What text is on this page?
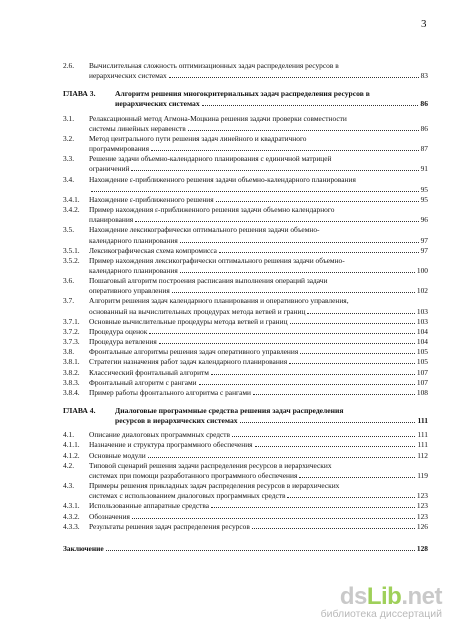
3
2.6.	Вычислительная сложность оптимизационных задач распределения ресурсов в
иерархических системах	83
ГЛАВА 3.	Алгоритм решения многокритериальных задач распределения ресурсов в
иерархических системах	86
3.1.	Релаксационный метод Агмона-Моцкина решения задачи проверки совместности
системы линейных неравенств	86
3.2.	Метод центрального пути решения задач линейного и квадратичного
программирования	87
3.3.	Решение задачи объемно-календарного планирования с единичной матрицей
ограничений	91
3.4.	Нахождение ε-приближенного решения задачи объемно-календарного планирования
95
3.4.1.	Нахождение ε-приближенного решения	95
3.4.2.	Пример нахождения ε-приближенного решения задачи объемно календарного
планирования	96
3.5.	Нахождение лексикографически оптимального решения задачи объемно-
календарного планирования	97
3.5.1.	Лексикографическая схема компромисса	97
3.5.2.	Пример нахождения лексикографически оптимального решения задачи объемно-
календарного планирования	100
3.6.	Пошаговый алгоритм построения расписания выполнения операций задачи
оперативного управления	102
3.7.	Алгоритм решения задач календарного планирования и оперативного управления,
основанный на вычислительных процедурах метода ветвей и границ	103
3.7.1.	Основные вычислительные процедуры метода ветвей и границ	103
3.7.2.	Процедура оценок	104
3.7.3.	Процедура ветвления	104
3.8.	Фронтальные алгоритмы решения задач оперативного управления	105
3.8.1.	Стратегии назначения работ задач календарного планирования	105
3.8.2.	Классический фронтальный алгоритм	107
3.8.3.	Фронтальный алгоритм с рангами	107
3.8.4.	Пример работы фронтального алгоритма с рангами	108
ГЛАВА 4.	Диалоговые программные средства решения задач распределения
ресурсов в иерархических системах	111
4.1.	Описание диалоговых программных средств	111
4.1.1.	Назначение и структура программного обеспечения	111
4.1.2.	Основные модули	112
4.2.	Типовой сценарий решения задачи распределения ресурсов в иерархических
системах при помощи разработанного программного обеспечения	119
4.3.	Примеры решения прикладных задач распределения ресурсов в иерархических
системах с использованием диалоговых программных средств	123
4.3.1.	Использованные аппаратные средства	123
4.3.2.	Обозначения	123
4.3.3.	Результаты решения задач распределения ресурсов	126
Заключение	128
dsLib.net
библиотека диссертаций
